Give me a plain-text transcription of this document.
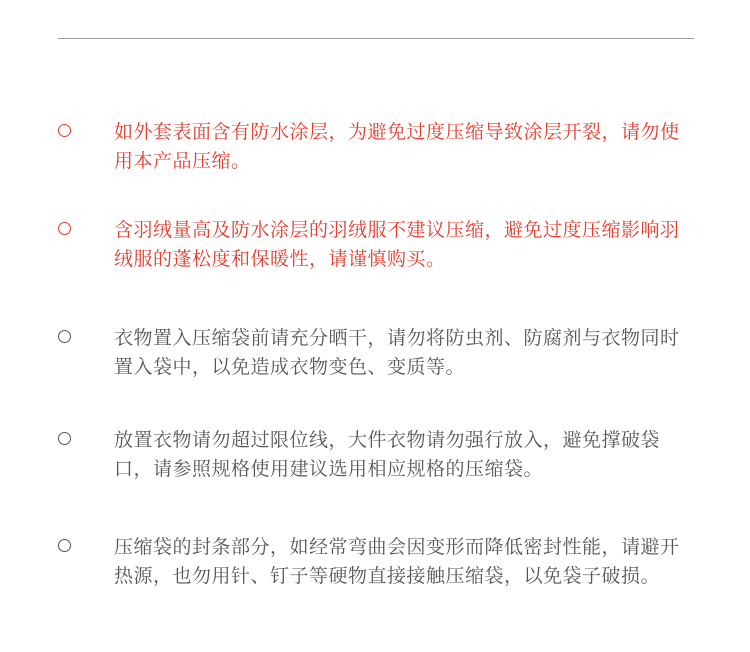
如外套表面含有防水涂层，为避免过度压缩导致涂层开裂，请勿使用本产品压缩。
含羽绒量高及防水涂层的羽绒服不建议压缩，避免过度压缩影响羽绒服的蓬松度和保暖性，请谨慎购买。
衣物置入压缩袋前请充分晒干，请勿将防虫剂、防腐剂与衣物同时置入袋中，以免造成衣物变色、变质等。
放置衣物请勿超过限位线，大件衣物请勿强行放入，避免撑破袋口，请参照规格使用建议选用相应规格的压缩袋。
压缩袋的封条部分，如经常弯曲会因变形而降低密封性能，请避开热源，也勿用针、钉子等硬物直接接触压缩袋，以免袋子破损。
